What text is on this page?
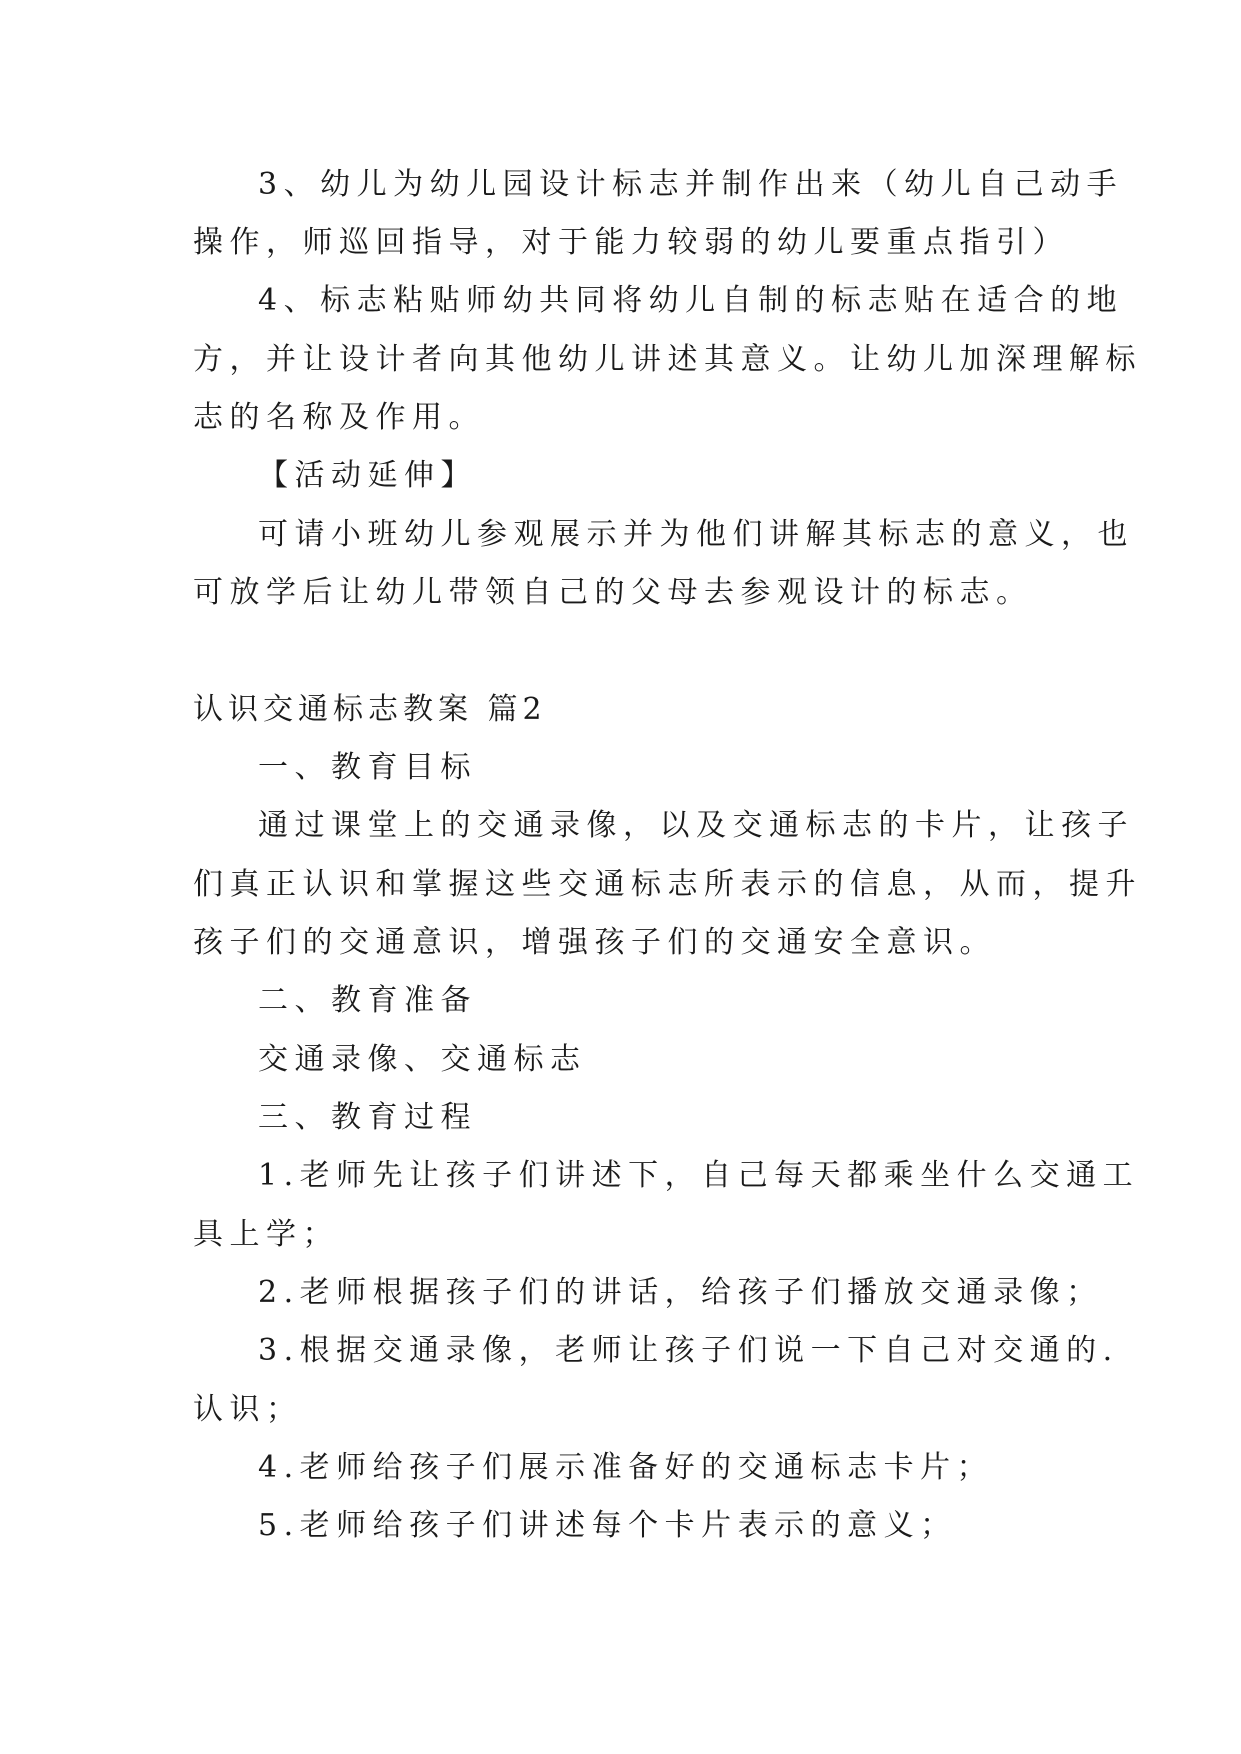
3、幼儿为幼儿园设计标志并制作出来（幼儿自己动手

操作，师巡回指导，对于能力较弱的幼儿要重点指引）

4、标志粘贴师幼共同将幼儿自制的标志贴在适合的地

方，并让设计者向其他幼儿讲述其意义。让幼儿加深理解标

志的名称及作用。

【活动延伸】

可请小班幼儿参观展示并为他们讲解其标志的意义，也

可放学后让幼儿带领自己的父母去参观设计的标志。

认识交通标志教案 篇2

一、教育目标

通过课堂上的交通录像，以及交通标志的卡片，让孩子

们真正认识和掌握这些交通标志所表示的信息，从而，提升

孩子们的交通意识，增强孩子们的交通安全意识。

二、教育准备

交通录像、交通标志

三、教育过程

1.老师先让孩子们讲述下，自己每天都乘坐什么交通工

具上学；

2.老师根据孩子们的讲话，给孩子们播放交通录像；

3.根据交通录像，老师让孩子们说一下自己对交通的.

认识；

4.老师给孩子们展示准备好的交通标志卡片；

5.老师给孩子们讲述每个卡片表示的意义；
